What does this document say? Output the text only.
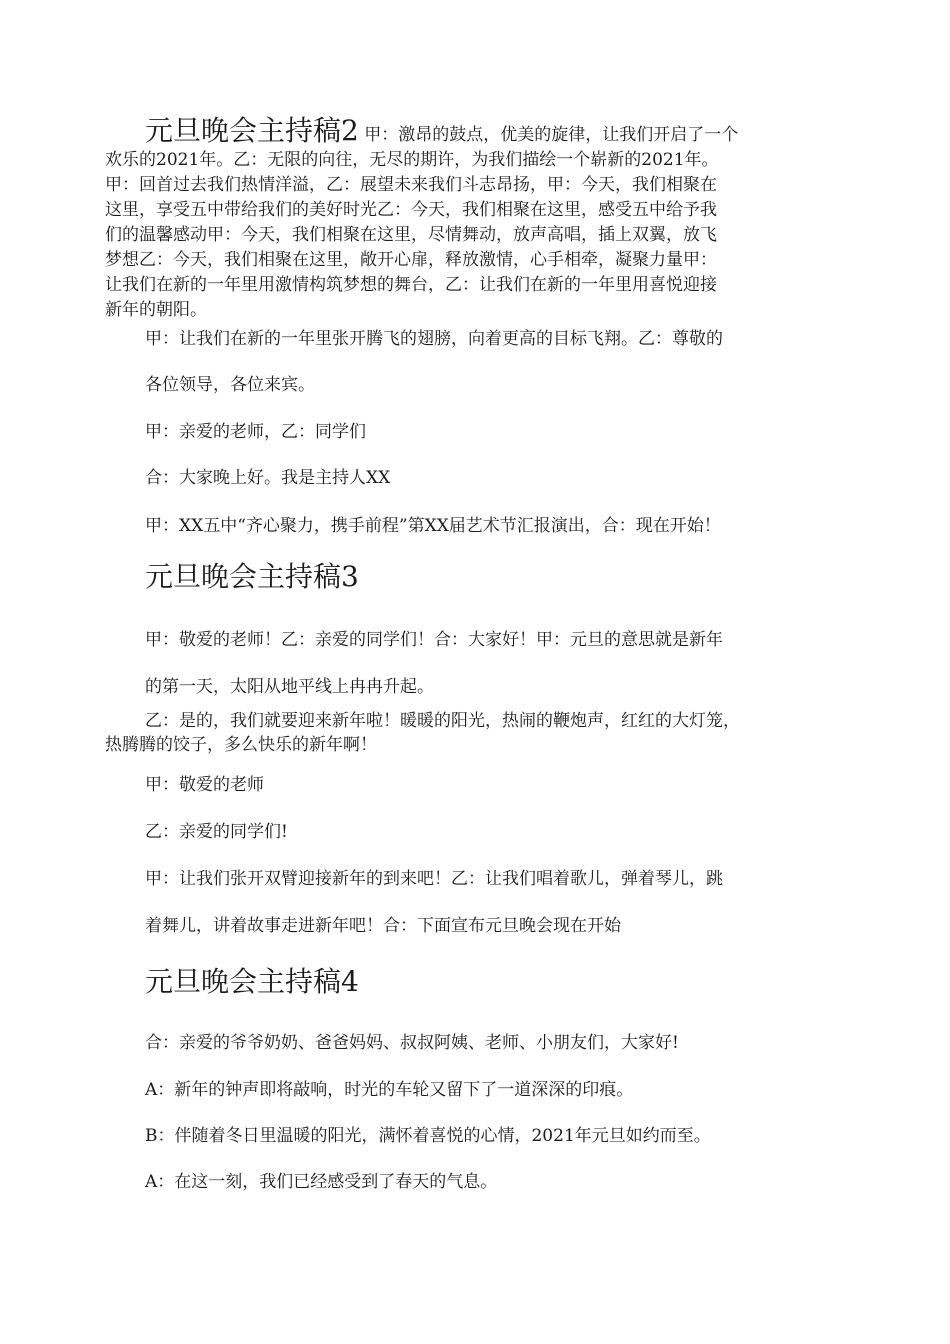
元旦晚会主持稿2 甲：激昂的鼓点，优美的旋律，让我们开启了一个
欢乐的2021年。乙：无限的向往，无尽的期许，为我们描绘一个崭新的2021年。
甲：回首过去我们热情洋溢，乙：展望未来我们斗志昂扬，甲：今天，我们相聚在
这里，享受五中带给我们的美好时光乙：今天，我们相聚在这里，感受五中给予我
们的温馨感动甲：今天，我们相聚在这里，尽情舞动，放声高唱，插上双翼，放飞
梦想乙：今天，我们相聚在这里，敞开心扉，释放激情，心手相牵，凝聚力量甲：
让我们在新的一年里用激情构筑梦想的舞台，乙：让我们在新的一年里用喜悦迎接
新年的朝阳。

甲：让我们在新的一年里张开腾飞的翅膀，向着更高的目标飞翔。乙：尊敬的

各位领导，各位来宾。

甲：亲爱的老师，乙：同学们

合：大家晚上好。我是主持人XX

甲：XX五中“齐心聚力，携手前程”第XX届艺术节汇报演出，合：现在开始！

元旦晚会主持稿3

甲：敬爱的老师！乙：亲爱的同学们！合：大家好！甲：元旦的意思就是新年

的第一天，太阳从地平线上冉冉升起。

乙：是的，我们就要迎来新年啦！暖暖的阳光，热闹的鞭炮声，红红的大灯笼，

热腾腾的饺子，多么快乐的新年啊！

甲：敬爱的老师

乙：亲爱的同学们!

甲：让我们张开双臂迎接新年的到来吧！乙：让我们唱着歌儿，弹着琴儿，跳

着舞儿，讲着故事走进新年吧！合：下面宣布元旦晚会现在开始

元旦晚会主持稿4

合：亲爱的爷爷奶奶、爸爸妈妈、叔叔阿姨、老师、小朋友们，大家好!

A：新年的钟声即将敲响，时光的车轮又留下了一道深深的印痕。

B：伴随着冬日里温暖的阳光，满怀着喜悦的心情，2021年元旦如约而至。

A：在这一刻，我们已经感受到了春天的气息。
